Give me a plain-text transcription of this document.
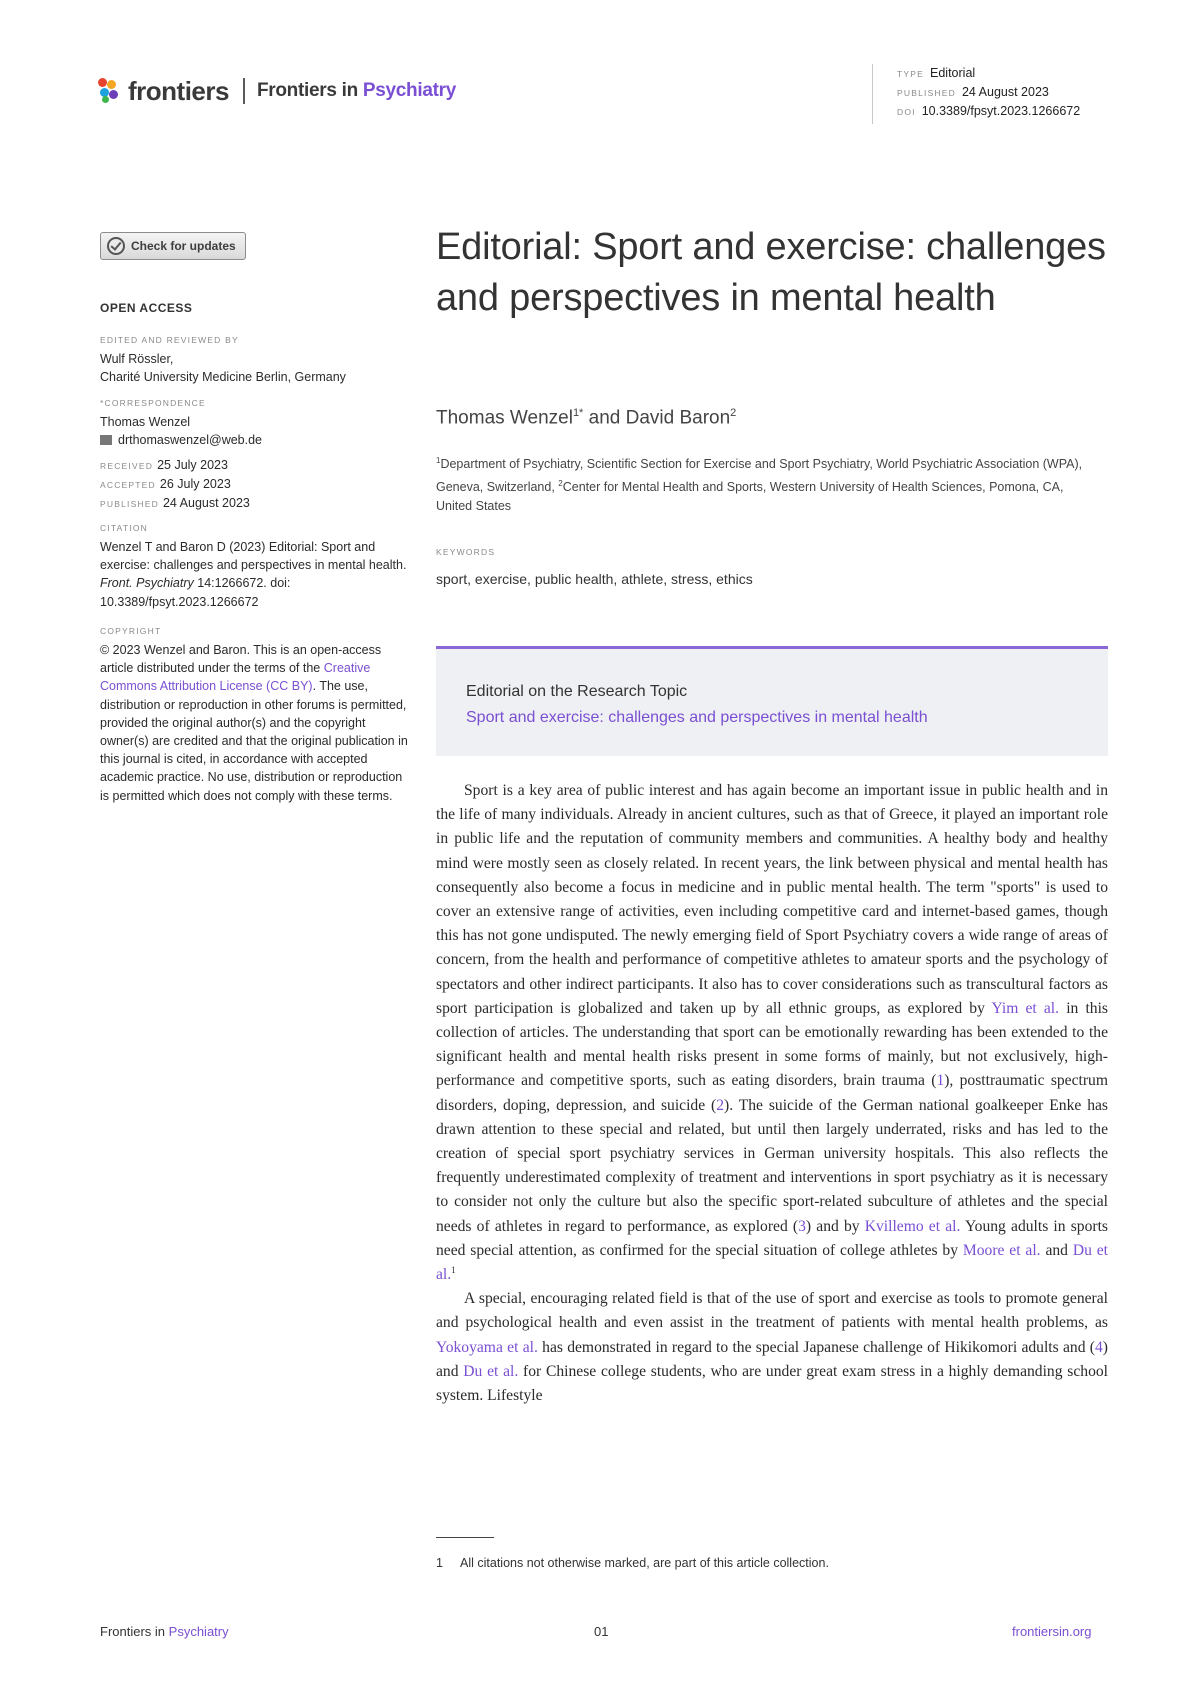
frontiers Frontiers in Psychiatry
TYPE Editorial
PUBLISHED 24 August 2023
DOI 10.3389/fpsyt.2023.1266672
Check for updates
OPEN ACCESS
EDITED AND REVIEWED BY
Wulf Rössler,
Charité University Medicine Berlin, Germany
*CORRESPONDENCE
Thomas Wenzel
drthomaswenzel@web.de
RECEIVED 25 July 2023
ACCEPTED 26 July 2023
PUBLISHED 24 August 2023
CITATION
Wenzel T and Baron D (2023) Editorial: Sport and exercise: challenges and perspectives in mental health. Front. Psychiatry 14:1266672. doi: 10.3389/fpsyt.2023.1266672
COPYRIGHT
© 2023 Wenzel and Baron. This is an open-access article distributed under the terms of the Creative Commons Attribution License (CC BY). The use, distribution or reproduction in other forums is permitted, provided the original author(s) and the copyright owner(s) are credited and that the original publication in this journal is cited, in accordance with accepted academic practice. No use, distribution or reproduction is permitted which does not comply with these terms.
Editorial: Sport and exercise: challenges and perspectives in mental health
Thomas Wenzel$^{1*}$ and David Baron$^2$
$^1$Department of Psychiatry, Scientific Section for Exercise and Sport Psychiatry, World Psychiatric Association (WPA), Geneva, Switzerland, $^2$Center for Mental Health and Sports, Western University of Health Sciences, Pomona, CA, United States
KEYWORDS
sport, exercise, public health, athlete, stress, ethics
Editorial on the Research Topic
Sport and exercise: challenges and perspectives in mental health

Sport is a key area of public interest and has again become an important issue in public health and in the life of many individuals. Already in ancient cultures, such as that of Greece, it played an important role in public life and the reputation of community members and communities. A healthy body and healthy mind were mostly seen as closely related. In recent years, the link between physical and mental health has consequently also become a focus in medicine and in public mental health. The term "sports" is used to cover an extensive range of activities, even including competitive card and internet-based games, though this has not gone undisputed. The newly emerging field of Sport Psychiatry covers a wide range of areas of concern, from the health and performance of competitive athletes to amateur sports and the psychology of spectators and other indirect participants. It also has to cover considerations such as transcultural factors as sport participation is globalized and taken up by all ethnic groups, as explored by Yim et al. in this collection of articles. The understanding that sport can be emotionally rewarding has been extended to the significant health and mental health risks present in some forms of mainly, but not exclusively, high-performance and competitive sports, such as eating disorders, brain trauma (1), posttraumatic spectrum disorders, doping, depression, and suicide (2). The suicide of the German national goalkeeper Enke has drawn attention to these special and related, but until then largely underrated, risks and has led to the creation of special sport psychiatry services in German university hospitals. This also reflects the frequently underestimated complexity of treatment and interventions in sport psychiatry as it is necessary to consider not only the culture but also the specific sport-related subculture of athletes and the special needs of athletes in regard to performance, as explored (3) and by Kvillemo et al. Young adults in sports need special attention, as confirmed for the special situation of college athletes by Moore et al. and Du et al.$^1$

A special, encouraging related field is that of the use of sport and exercise as tools to promote general and psychological health and even assist in the treatment of patients with mental health problems, as Yokoyama et al. has demonstrated in regard to the special Japanese challenge of Hikikomori adults and (4) and Du et al. for Chinese college students, who are under great exam stress in a highly demanding school system. Lifestyle

1 All citations not otherwise marked, are part of this article collection.
Frontiers in Psychiatry	01	frontiersin.org
